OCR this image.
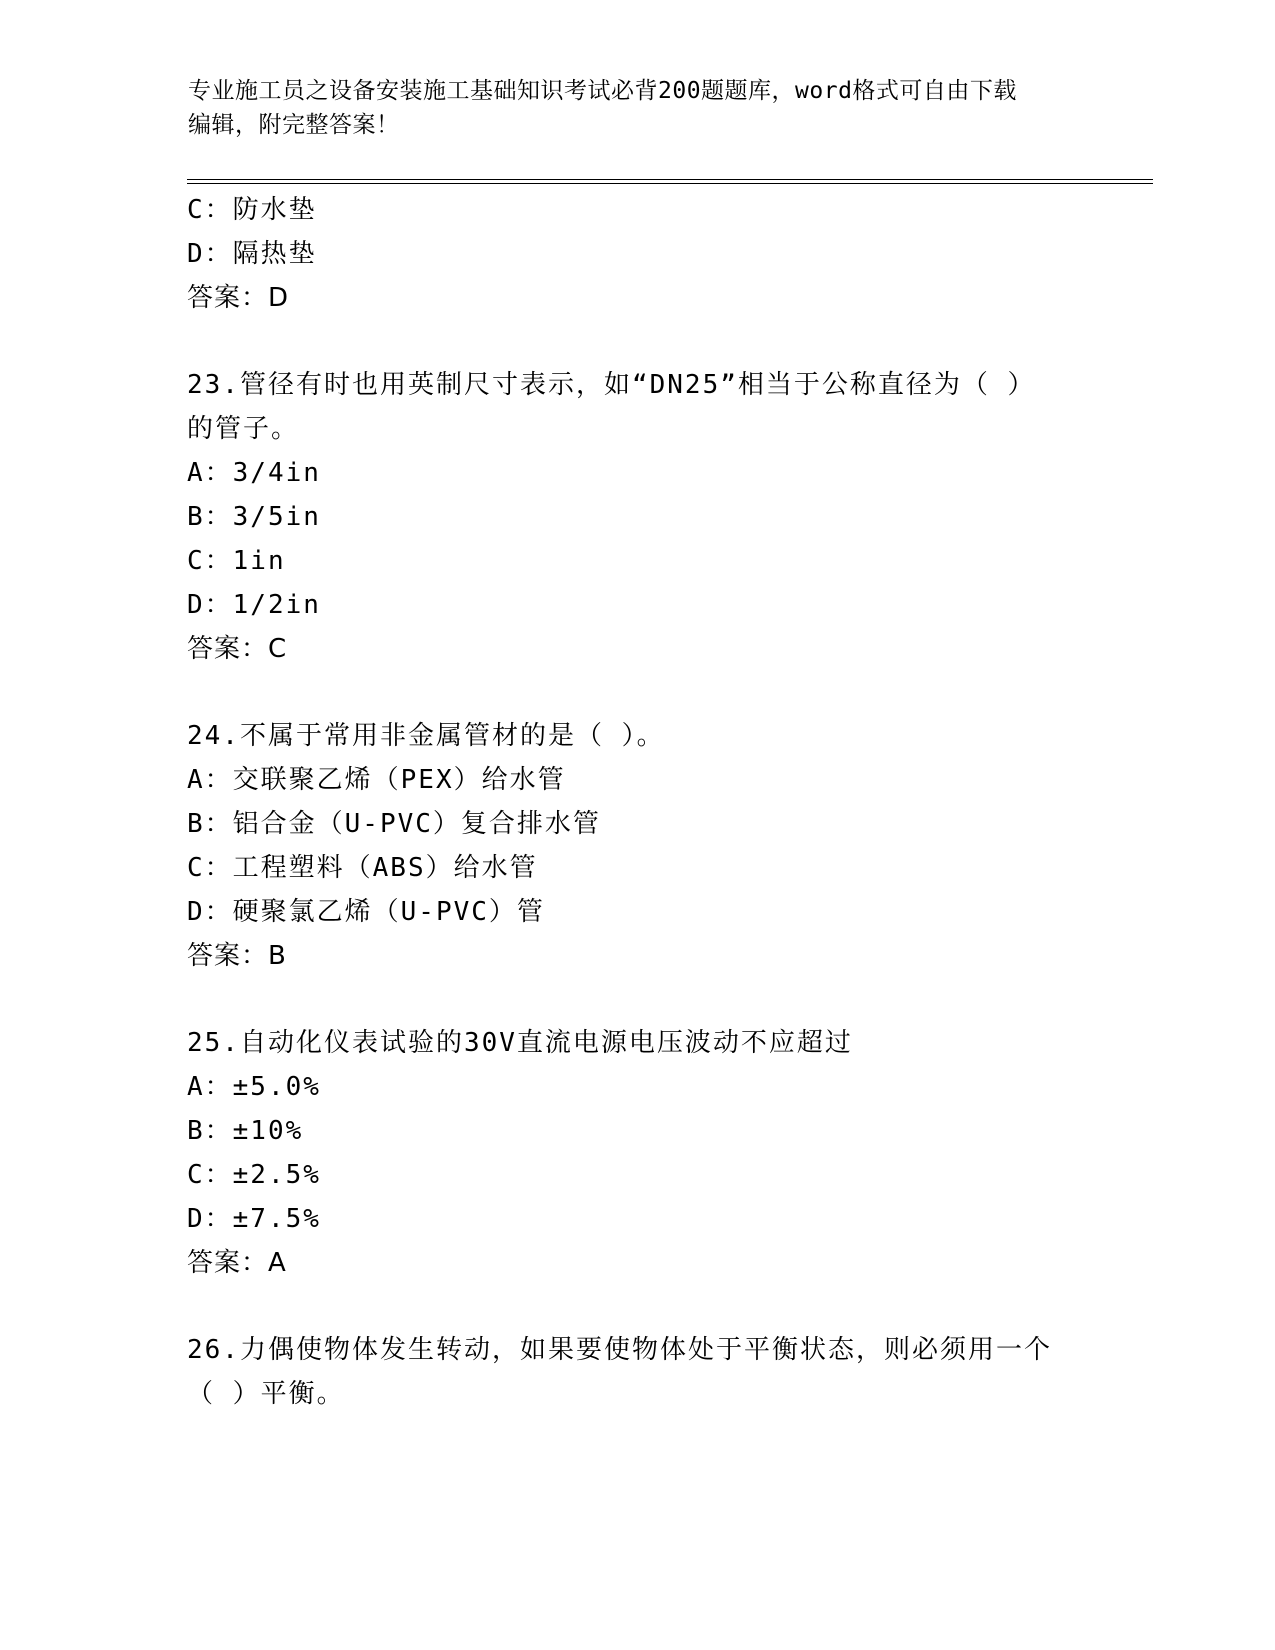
专业施工员之设备安装施工基础知识考试必背200题题库，word格式可自由下载
编辑，附完整答案！
C：防水垫
D：隔热垫
答案：D
23.管径有时也用英制尺寸表示，如“DN25”相当于公称直径为（ ）
的管子。
A：3/4in
B：3/5in
C：1in
D：1/2in
答案：C
24.不属于常用非金属管材的是（ ）。
A：交联聚乙烯（PEX）给水管
B：铝合金（U-PVC）复合排水管
C：工程塑料（ABS）给水管
D：硬聚氯乙烯（U-PVC）管
答案：B
25.自动化仪表试验的30V直流电源电压波动不应超过
A：±5.0%
B：±10%
C：±2.5%
D：±7.5%
答案：A
26.力偶使物体发生转动，如果要使物体处于平衡状态，则必须用一个
（ ）平衡。
